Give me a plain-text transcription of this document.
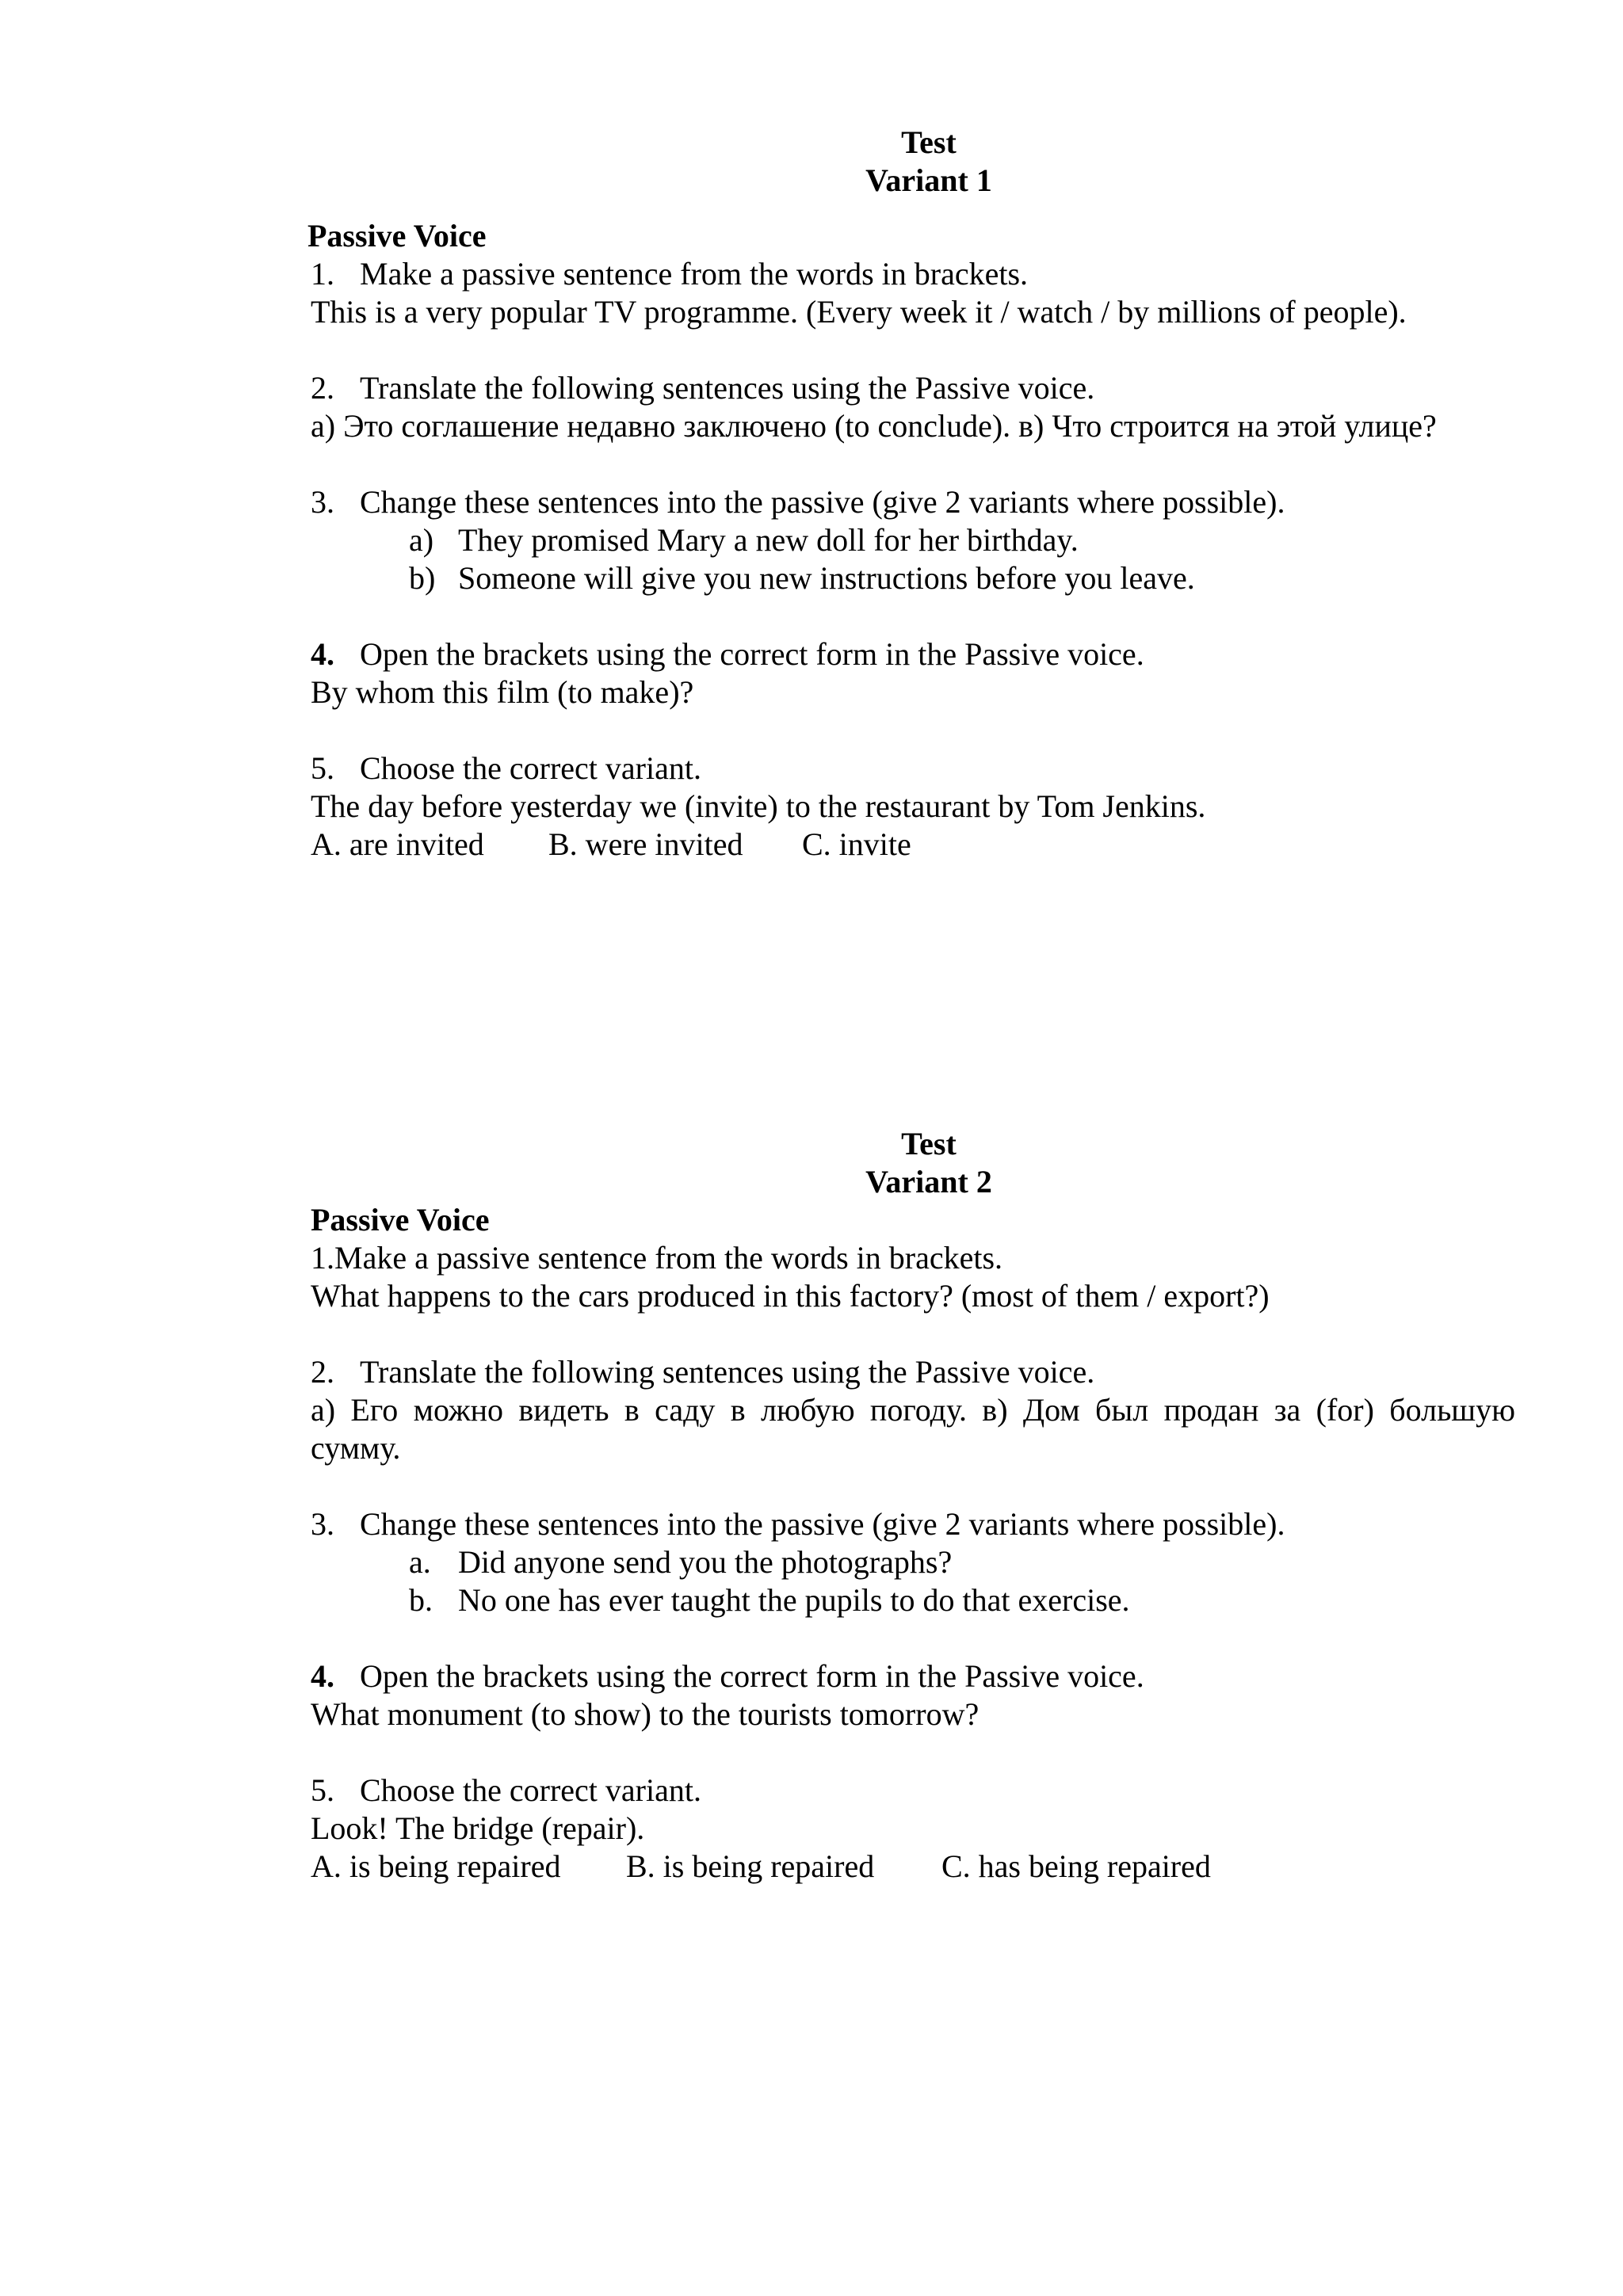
Test
Variant 1
Passive Voice
1. Make a passive sentence from the words in brackets.
This is a very popular TV programme. (Every week it / watch / by millions of people).
2. Translate the following sentences using the Passive voice.
а) Это соглашение недавно заключено (to conclude). в) Что строится на этой улице?
3. Change these sentences into the passive (give 2 variants where possible).
a) They promised Mary a new doll for her birthday.
b) Someone will give you new instructions before you leave.
4. Open the brackets using the correct form in the Passive voice.
By whom this film (to make)?
5. Choose the correct variant.
The day before yesterday we (invite) to the restaurant by Tom Jenkins.
A. are invited B. were invited C. invite
Test
Variant 2
Passive Voice
1.Make a passive sentence from the words in brackets.
What happens to the cars produced in this factory? (most of them / export?)
2. Translate the following sentences using the Passive voice.
а) Его можно видеть в саду в любую погоду. в) Дом был продан за (for) большую
сумму.
3. Change these sentences into the passive (give 2 variants where possible).
a. Did anyone send you the photographs?
b. No one has ever taught the pupils to do that exercise.
4. Open the brackets using the correct form in the Passive voice.
What monument (to show) to the tourists tomorrow?
5. Choose the correct variant.
Look! The bridge (repair).
A. is being repaired B. is being repaired C. has being repaired
